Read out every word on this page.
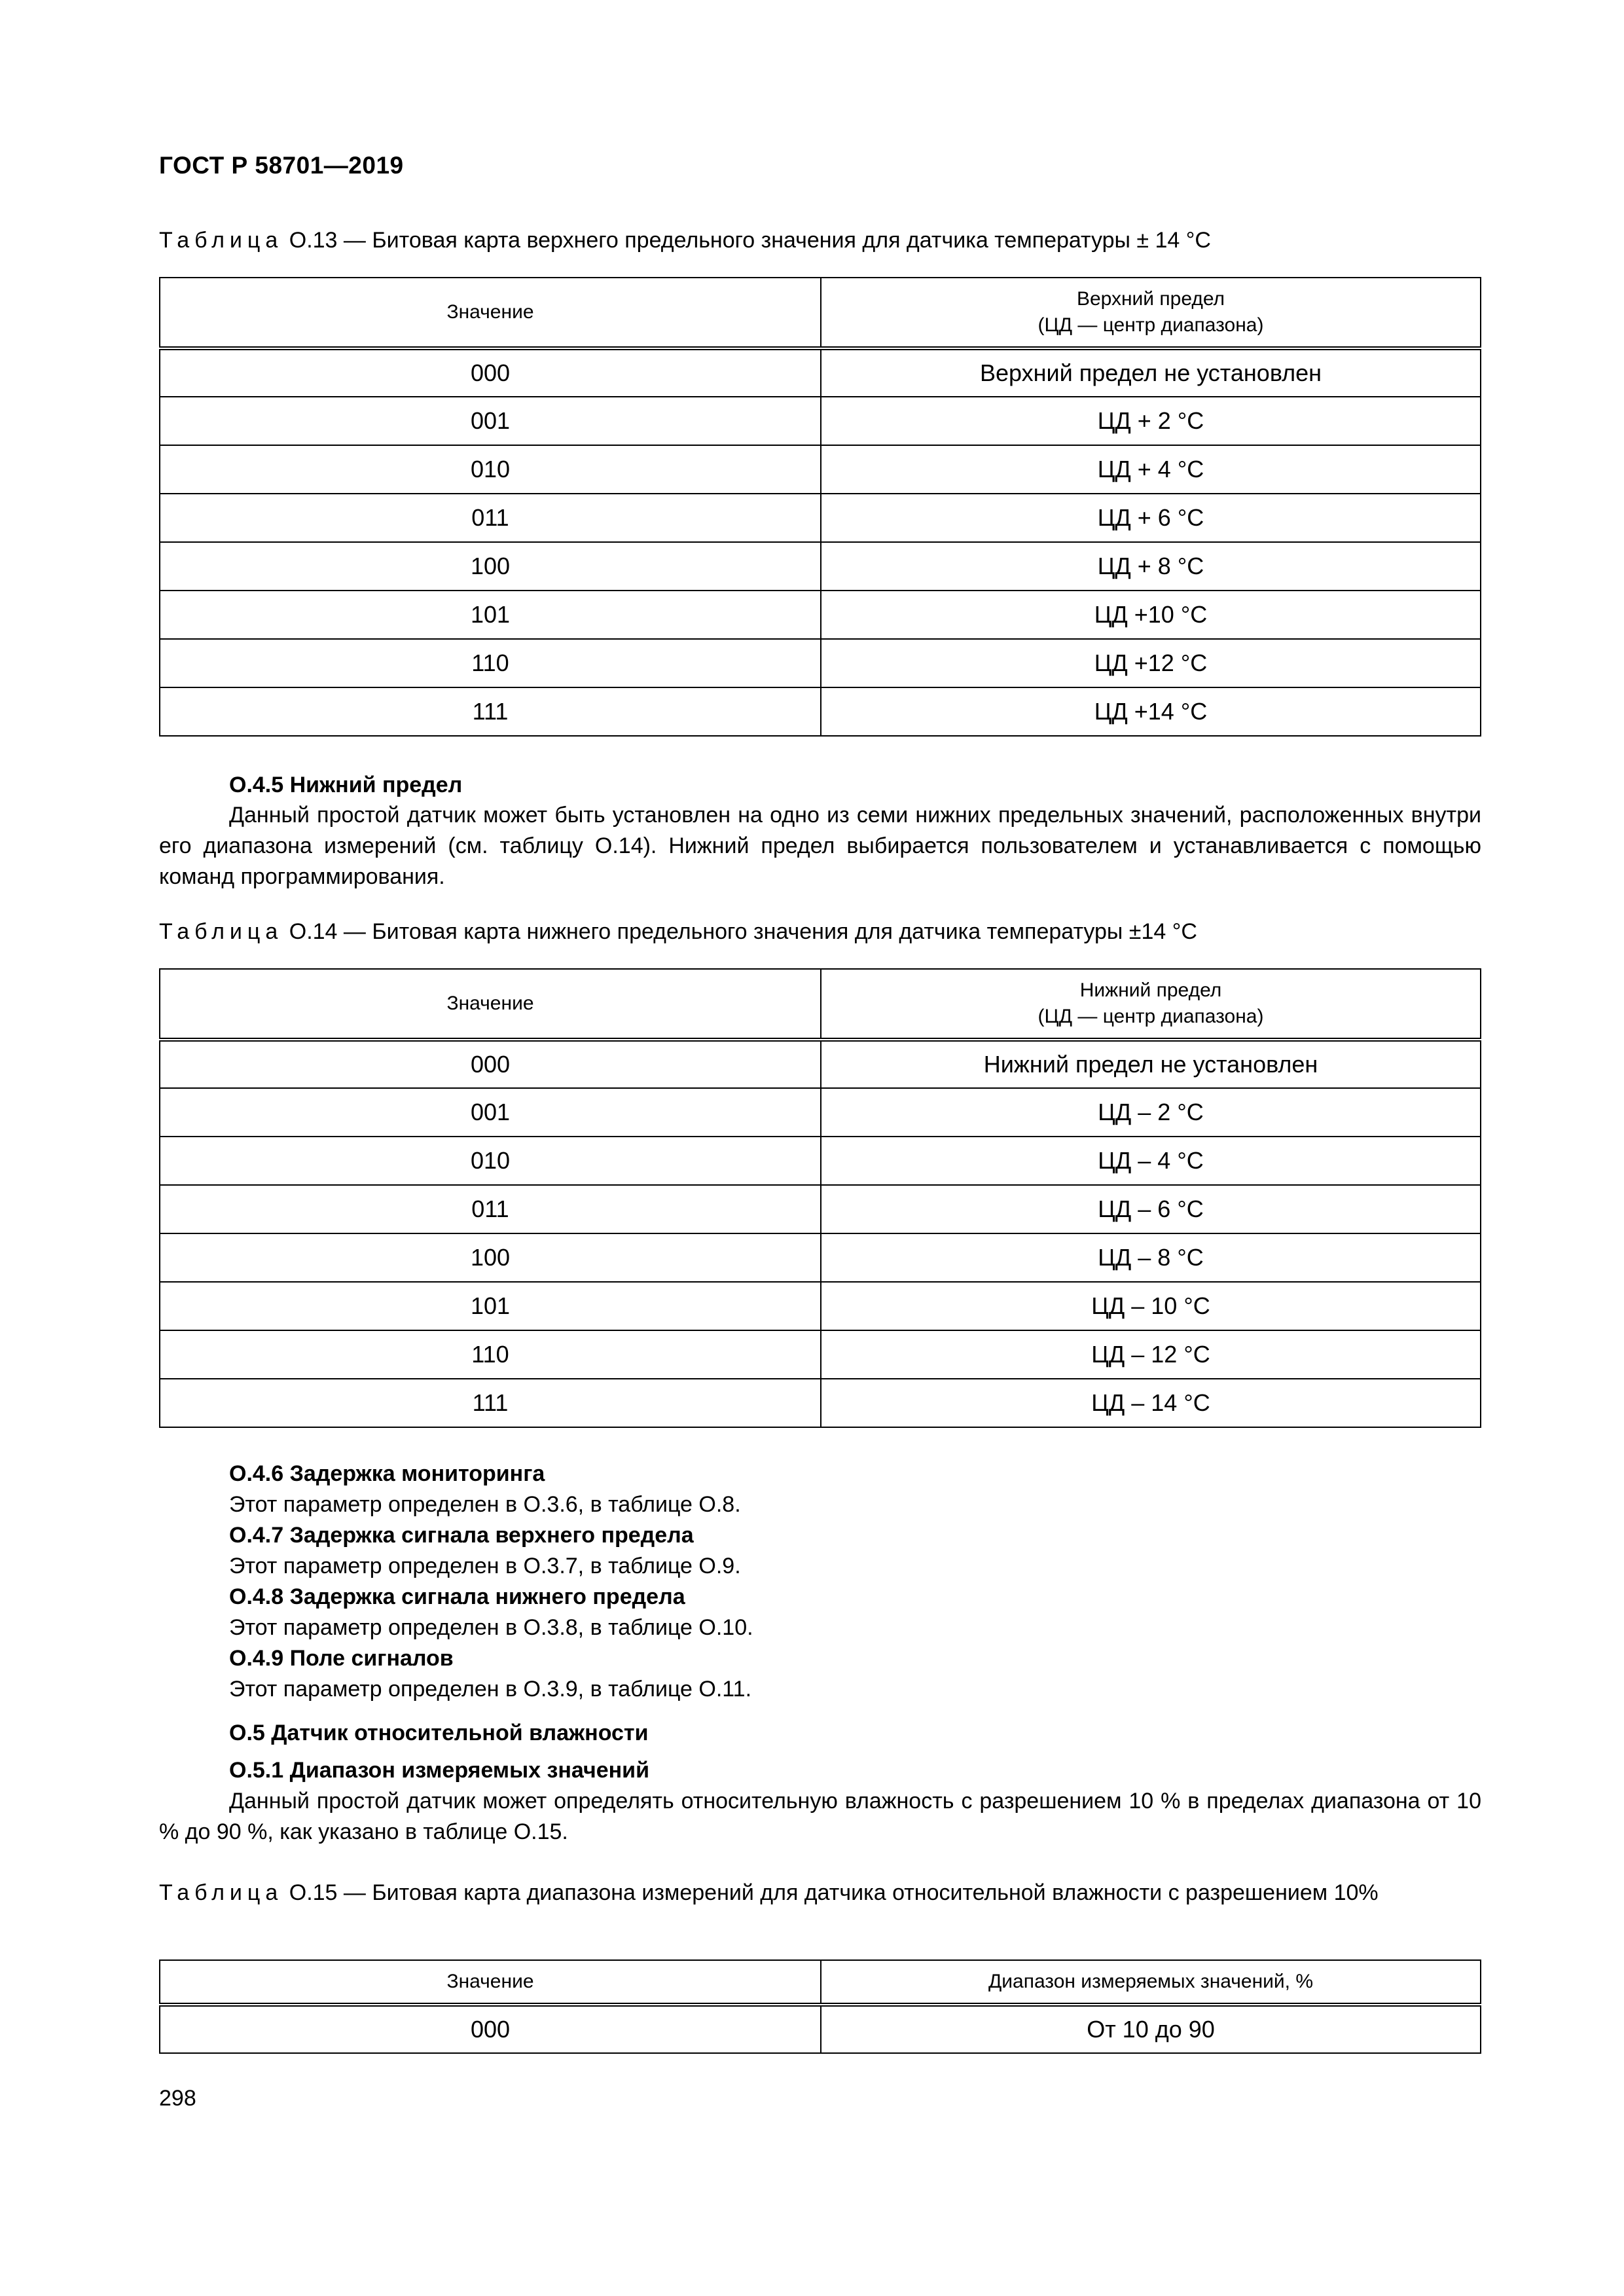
ГОСТ Р 58701—2019
Таблица О.13 — Битовая карта верхнего предельного значения для датчика температуры ± 14 °С
Значение	Верхний предел
(ЦД — центр диапазона)
000	Верхний предел не установлен
001	ЦД + 2 °С
010	ЦД + 4 °С
011	ЦД + 6 °С
100	ЦД + 8 °С
101	ЦД +10 °С
110	ЦД +12 °С
111	ЦД +14 °С
О.4.5 Нижний предел
Данный простой датчик может быть установлен на одно из семи нижних предельных значений, расположенных внутри его диапазона измерений (см. таблицу О.14). Нижний предел выбирается пользователем и устанавливается с помощью команд программирования.
Таблица О.14 — Битовая карта нижнего предельного значения для датчика температуры ±14 °С
Значение	Нижний предел
(ЦД — центр диапазона)
000	Нижний предел не установлен
001	ЦД – 2 °С
010	ЦД – 4 °С
011	ЦД – 6 °С
100	ЦД – 8 °С
101	ЦД – 10 °С
110	ЦД – 12 °С
111	ЦД – 14 °С
О.4.6 Задержка мониторинга
Этот параметр определен в О.3.6, в таблице О.8.
О.4.7 Задержка сигнала верхнего предела
Этот параметр определен в О.3.7, в таблице О.9.
О.4.8 Задержка сигнала нижнего предела
Этот параметр определен в О.3.8, в таблице О.10.
О.4.9 Поле сигналов
Этот параметр определен в О.3.9, в таблице О.11.
О.5 Датчик относительной влажности
О.5.1 Диапазон измеряемых значений
Данный простой датчик может определять относительную влажность с разрешением 10 % в пределах диапазона от 10 % до 90 %, как указано в таблице О.15.
Таблица О.15 — Битовая карта диапазона измерений для датчика относительной влажности с разрешением 10%
Значение	Диапазон измеряемых значений, %
000	От 10 до 90
298
